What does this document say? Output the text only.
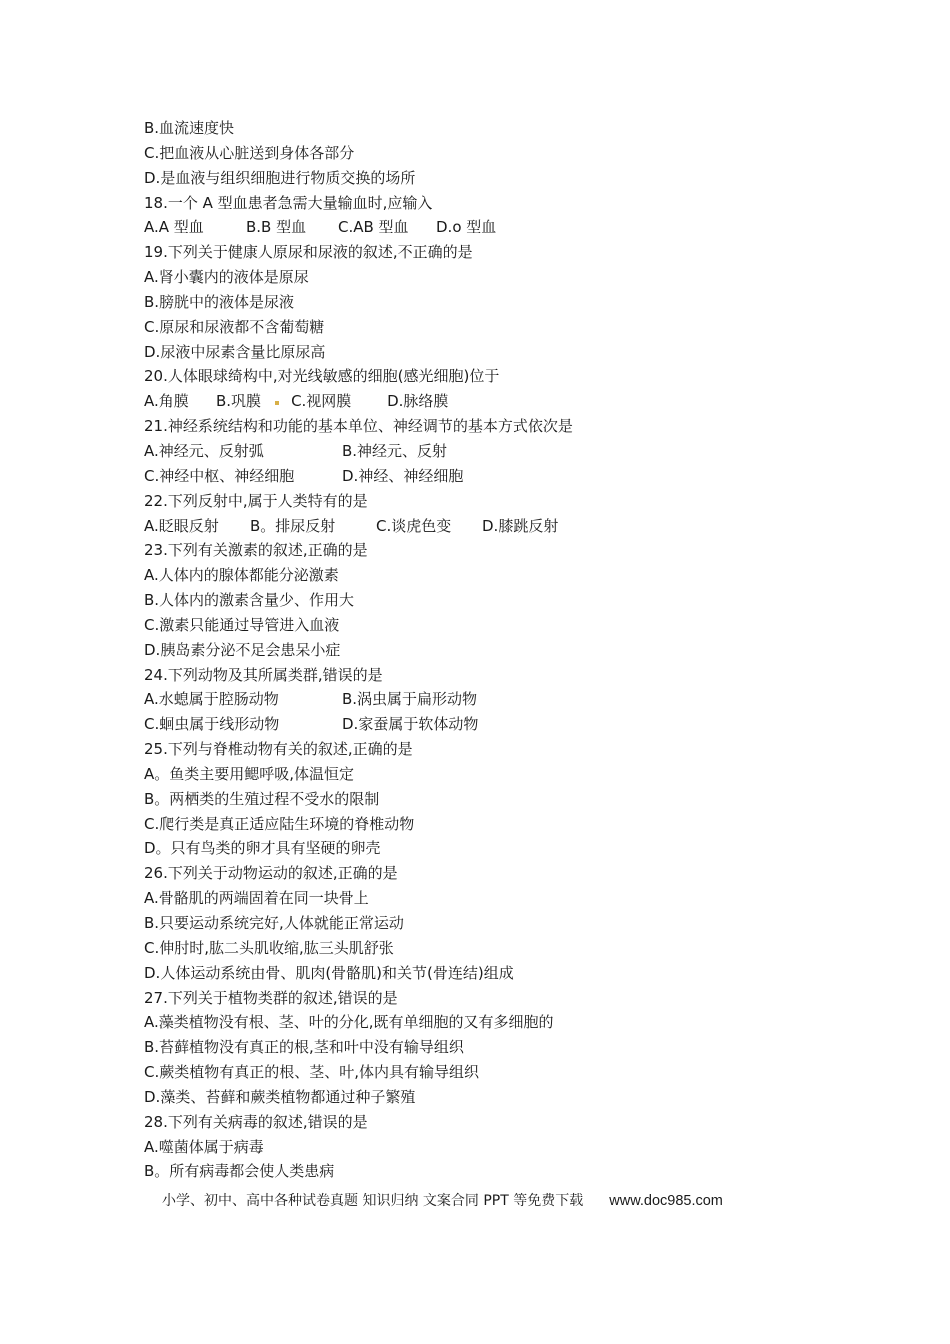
B.血流速度快
C.把血液从心脏送到身体各部分
D.是血液与组织细胞进行物质交换的场所
18.一个 A 型血患者急需大量输血时,应输入
A.A 型血	B.B 型血 C.AB 型血 D.o 型血
19.下列关于健康人原尿和尿液的叙述,不正确的是
A.肾小囊内的液体是原尿
B.膀胱中的液体是尿液
C.原尿和尿液都不含葡萄糖
D.尿液中尿素含量比原尿高
20.人体眼球绮构中,对光线敏感的细胞(感光细胞)位于
A.角膜 B.巩膜 C.视网膜 D.脉络膜
21.神经系统结构和功能的基本单位、神经调节的基本方式依次是
A.神经元、反射弧	B.神经元、反射
C.神经中枢、神经细胞	D.神经、神经细胞
22.下列反射中,属于人类特有的是
A.眨眼反射 B。排尿反射	C.谈虎色变 D.膝跳反射
23.下列有关激素的叙述,正确的是
A.人体内的腺体都能分泌激素
B.人体内的激素含量少、作用大
C.激素只能通过导管进入血液
D.胰岛素分泌不足会患呆小症
24.下列动物及其所属类群,错误的是
A.水螅属于腔肠动物	B.涡虫属于扁形动物
C.蛔虫属于线形动物	D.家蚕属于软体动物
25.下列与脊椎动物有关的叙述,正确的是
A。鱼类主要用鳃呼吸,体温恒定
B。两栖类的生殖过程不受水的限制
C.爬行类是真正适应陆生环境的脊椎动物
D。只有鸟类的卵才具有坚硬的卵壳
26.下列关于动物运动的叙述,正确的是
A.骨骼肌的两端固着在同一块骨上
B.只要运动系统完好,人体就能正常运动
C.伸肘时,肱二头肌收缩,肱三头肌舒张
D.人体运动系统由骨、肌肉(骨骼肌)和关节(骨连结)组成
27.下列关于植物类群的叙述,错误的是
A.藻类植物没有根、茎、叶的分化,既有单细胞的又有多细胞的
B.苔藓植物没有真正的根,茎和叶中没有输导组织
C.蕨类植物有真正的根、茎、叶,体内具有输导组织
D.藻类、苔藓和蕨类植物都通过种子繁殖
28.下列有关病毒的叙述,错误的是
A.噬菌体属于病毒
B。所有病毒都会使人类患病
小学、初中、高中各种试卷真题 知识归纳 文案合同 PPT 等免费下载 www.doc985.com
